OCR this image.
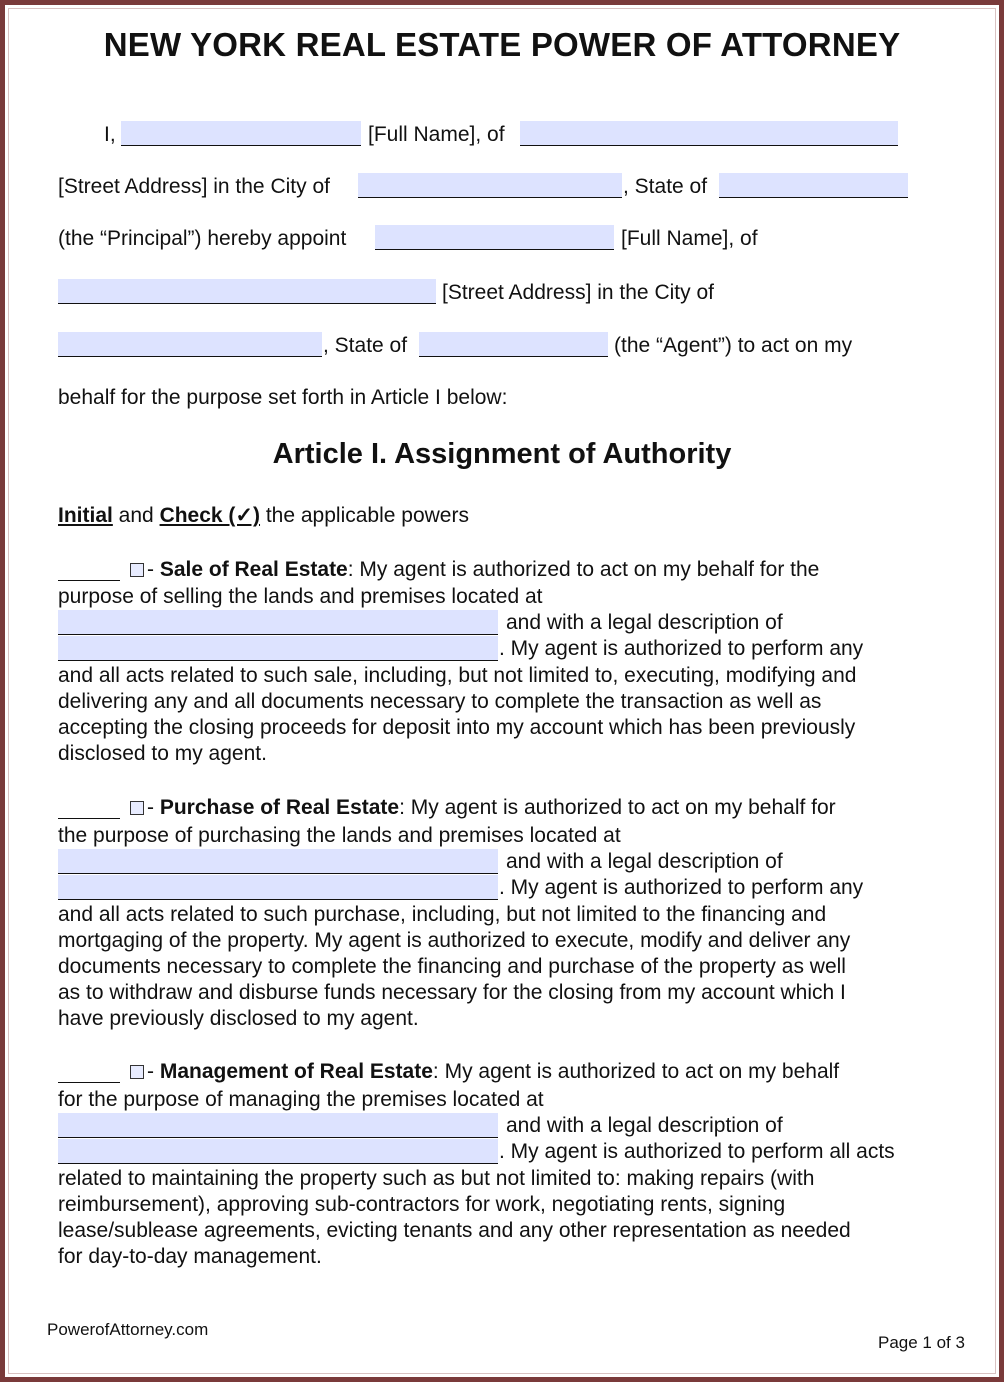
NEW YORK REAL ESTATE POWER OF ATTORNEY
I,	[Full Name], of
[Street Address] in the City of	, State of
(the “Principal”) hereby appoint	[Full Name], of
[Street Address] in the City of
, State of	(the “Agent”) to act on my
behalf for the purpose set forth in Article I below:
Article I. Assignment of Authority
Initial and Check (✓) the applicable powers
- Sale of Real Estate: My agent is authorized to act on my behalf for the
purpose of selling the lands and premises located at
and with a legal description of
. My agent is authorized to perform any
and all acts related to such sale, including, but not limited to, executing, modifying and
delivering any and all documents necessary to complete the transaction as well as
accepting the closing proceeds for deposit into my account which has been previously
disclosed to my agent.
- Purchase of Real Estate: My agent is authorized to act on my behalf for
the purpose of purchasing the lands and premises located at
and with a legal description of
. My agent is authorized to perform any
and all acts related to such purchase, including, but not limited to the financing and
mortgaging of the property. My agent is authorized to execute, modify and deliver any
documents necessary to complete the financing and purchase of the property as well
as to withdraw and disburse funds necessary for the closing from my account which I
have previously disclosed to my agent.
- Management of Real Estate: My agent is authorized to act on my behalf
for the purpose of managing the premises located at
and with a legal description of
. My agent is authorized to perform all acts
related to maintaining the property such as but not limited to: making repairs (with
reimbursement), approving sub-contractors for work, negotiating rents, signing
lease/sublease agreements, evicting tenants and any other representation as needed
for day-to-day management.
PowerofAttorney.com
Page 1 of 3
